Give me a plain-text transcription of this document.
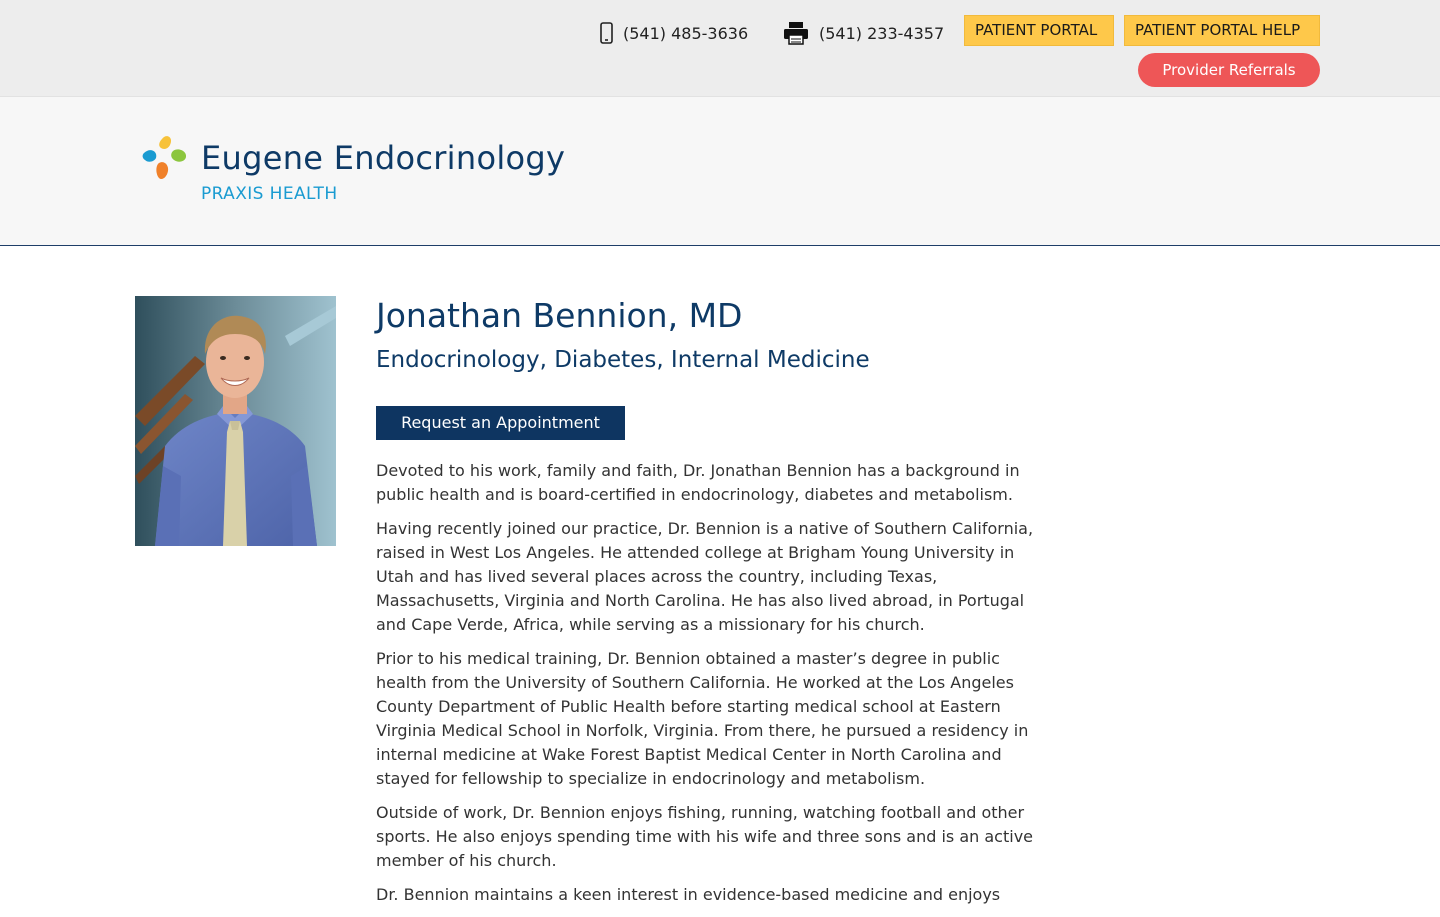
(541) 485-3636	(541) 233-4357	PATIENT PORTAL	PATIENT PORTAL HELP
Provider Referrals
Eugene Endocrinology
PRAXIS HEALTH
Jonathan Bennion, MD
Endocrinology, Diabetes, Internal Medicine
Request an Appointment

Devoted to his work, family and faith, Dr. Jonathan Bennion has a background in public health and is board-certified in endocrinology, diabetes and metabolism.

Having recently joined our practice, Dr. Bennion is a native of Southern California, raised in West Los Angeles. He attended college at Brigham Young University in Utah and has lived several places across the country, including Texas, Massachusetts, Virginia and North Carolina. He has also lived abroad, in Portugal and Cape Verde, Africa, while serving as a missionary for his church.

Prior to his medical training, Dr. Bennion obtained a master’s degree in public health from the University of Southern California. He worked at the Los Angeles County Department of Public Health before starting medical school at Eastern Virginia Medical School in Norfolk, Virginia. From there, he pursued a residency in internal medicine at Wake Forest Baptist Medical Center in North Carolina and stayed for fellowship to specialize in endocrinology and metabolism.

Outside of work, Dr. Bennion enjoys fishing, running, watching football and other sports. He also enjoys spending time with his wife and three sons and is an active member of his church.

Dr. Bennion maintains a keen interest in evidence-based medicine and enjoys
